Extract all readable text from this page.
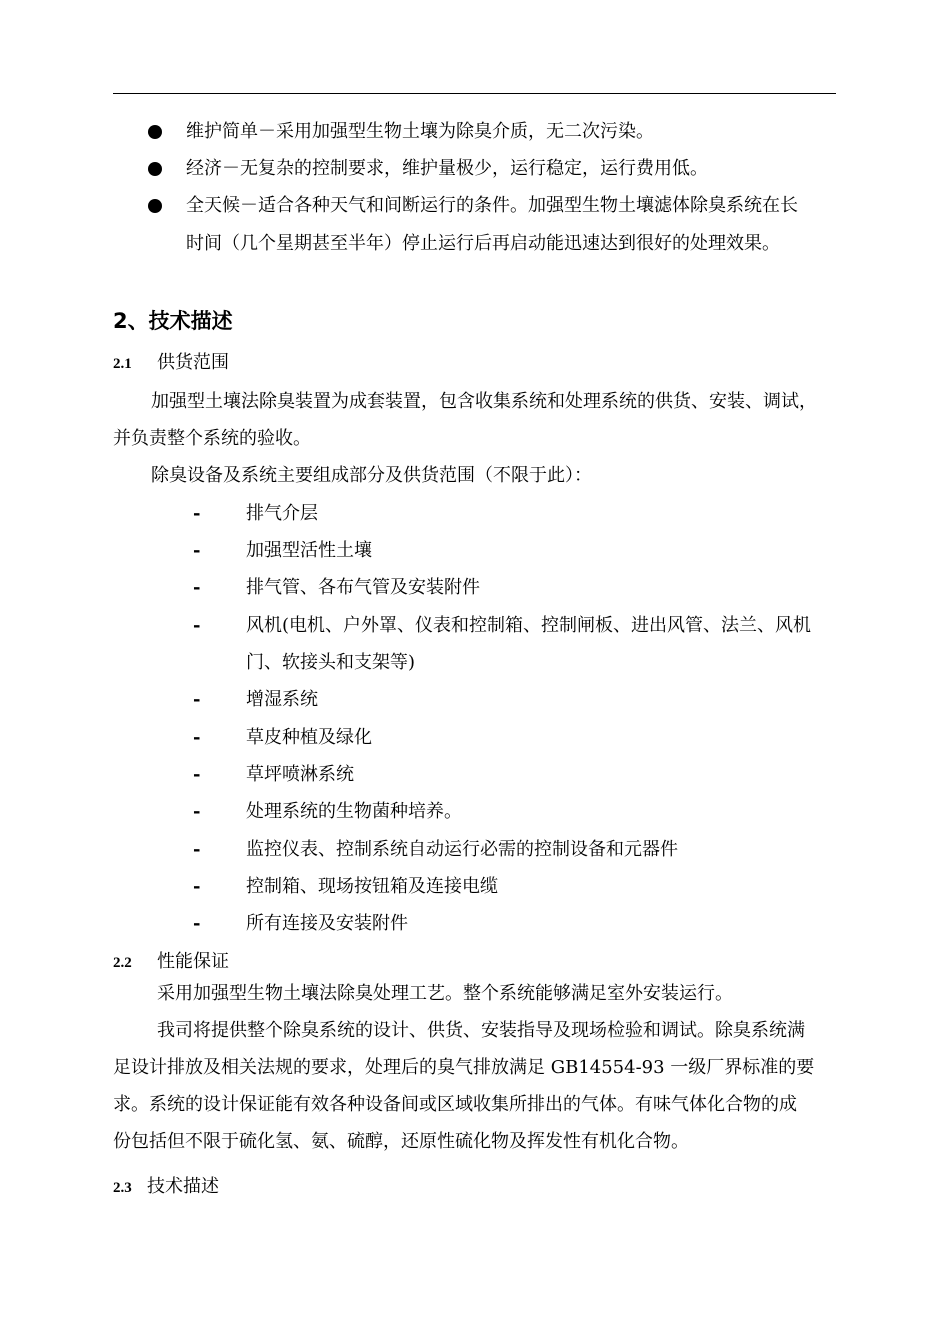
维护简单－采用加强型生物土壤为除臭介质，无二次污染。
经济－无复杂的控制要求，维护量极少，运行稳定，运行费用低。
全天候－适合各种天气和间断运行的条件。加强型生物土壤滤体除臭系统在长
时间（几个星期甚至半年）停止运行后再启动能迅速达到很好的处理效果。
2、技术描述
2.1 供货范围
加强型土壤法除臭装置为成套装置，包含收集系统和处理系统的供货、安装、调试，
并负责整个系统的验收。
除臭设备及系统主要组成部分及供货范围（不限于此）：
-	排气介层
-	加强型活性土壤
-	排气管、各布气管及安装附件
-	风机(电机、户外罩、仪表和控制箱、控制闸板、进出风管、法兰、风机
门、软接头和支架等)
-	增湿系统
-	草皮种植及绿化
-	草坪喷淋系统
-	处理系统的生物菌种培养。
-	监控仪表、控制系统自动运行必需的控制设备和元器件
-	控制箱、现场按钮箱及连接电缆
-	所有连接及安装附件
2.2 性能保证
采用加强型生物土壤法除臭处理工艺。整个系统能够满足室外安装运行。
我司将提供整个除臭系统的设计、供货、安装指导及现场检验和调试。除臭系统满
足设计排放及相关法规的要求，处理后的臭气排放满足 GB14554-93 一级厂界标准的要
求。系统的设计保证能有效各种设备间或区域收集所排出的气体。有味气体化合物的成
份包括但不限于硫化氢、氨、硫醇，还原性硫化物及挥发性有机化合物。
2.3 技术描述
